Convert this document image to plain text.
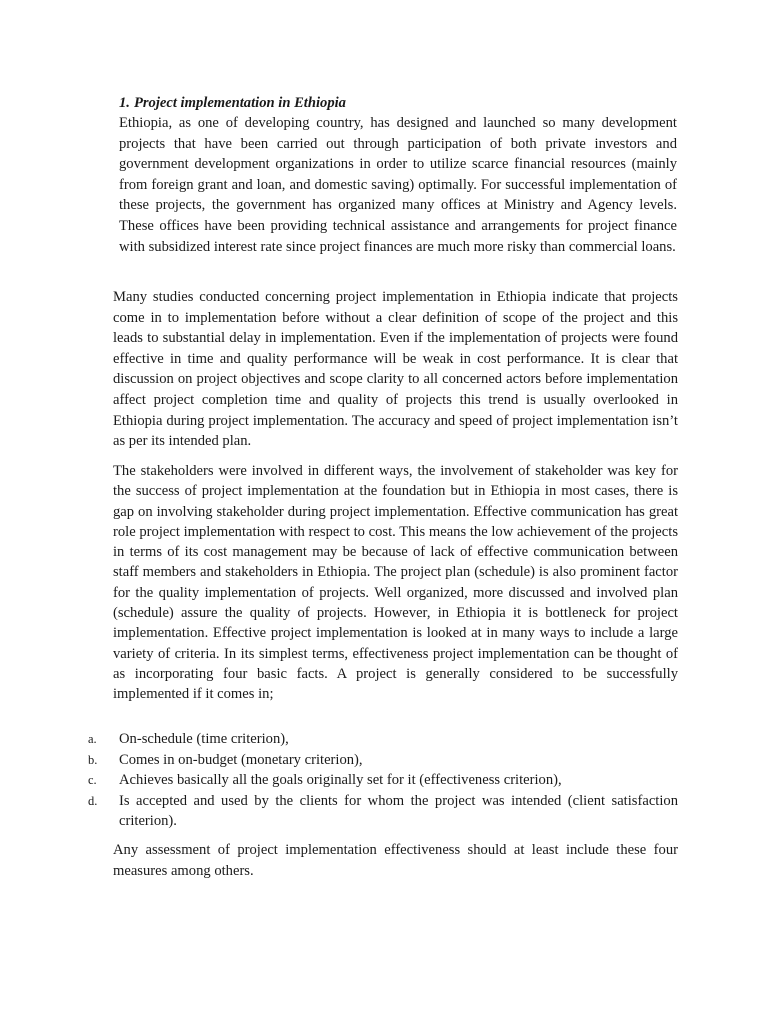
1. Project implementation in Ethiopia

Ethiopia, as one of developing country, has designed and launched so many development projects that have been carried out through participation of both private investors and government development organizations in order to utilize scarce financial resources (mainly from foreign grant and loan, and domestic saving) optimally. For successful implementation of these projects, the government has organized many offices at Ministry and Agency levels. These offices have been providing technical assistance and arrangements for project finance with subsidized interest rate since project finances are much more risky than commercial loans.

Many studies conducted concerning project implementation in Ethiopia indicate that projects come in to implementation before without a clear definition of scope of the project and this leads to substantial delay in implementation. Even if the implementation of projects were found effective in time and quality performance will be weak in cost performance. It is clear that discussion on project objectives and scope clarity to all concerned actors before implementation affect project completion time and quality of projects this trend is usually overlooked in Ethiopia during project implementation. The accuracy and speed of project implementation isn’t as per its intended plan.

The stakeholders were involved in different ways, the involvement of stakeholder was key for the success of project implementation at the foundation but in Ethiopia in most cases, there is gap on involving stakeholder during project implementation. Effective communication has great role project implementation with respect to cost. This means the low achievement of the projects in terms of its cost management may be because of lack of effective communication between staff members and stakeholders in Ethiopia. The project plan (schedule) is also prominent factor for the quality implementation of projects. Well organized, more discussed and involved plan (schedule) assure the quality of projects. However, in Ethiopia it is bottleneck for project implementation. Effective project implementation is looked at in many ways to include a large variety of criteria. In its simplest terms, effectiveness project implementation can be thought of as incorporating four basic facts. A project is generally considered to be successfully implemented if it comes in;

a. On-schedule (time criterion),
b. Comes in on-budget (monetary criterion),
c. Achieves basically all the goals originally set for it (effectiveness criterion),
d. Is accepted and used by the clients for whom the project was intended (client satisfaction criterion).

Any assessment of project implementation effectiveness should at least include these four measures among others.
